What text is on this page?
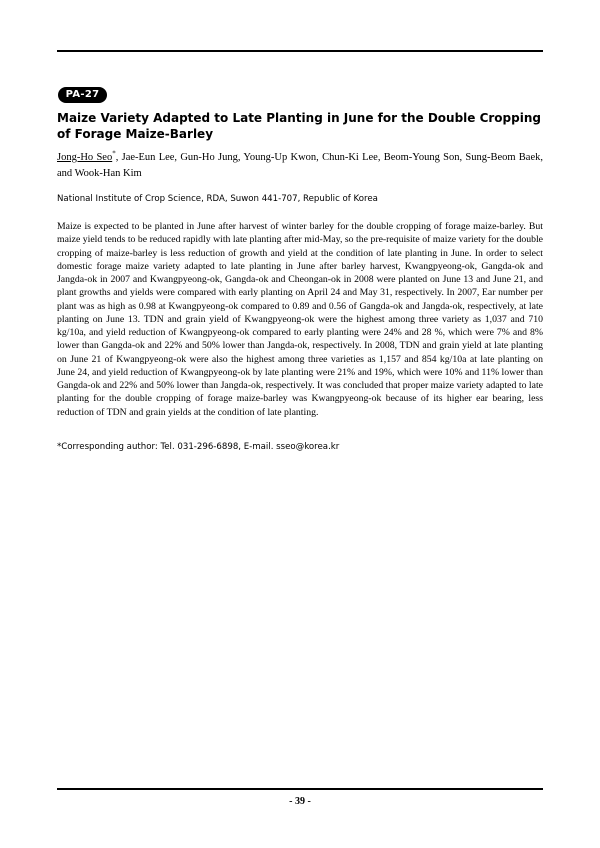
PA-27
Maize Variety Adapted to Late Planting in June for the Double Cropping of Forage Maize-Barley
Jong-Ho Seo*, Jae-Eun Lee, Gun-Ho Jung, Young-Up Kwon, Chun-Ki Lee, Beom-Young Son, Sung-Beom Baek, and Wook-Han Kim
National Institute of Crop Science, RDA, Suwon 441-707, Republic of Korea

Maize is expected to be planted in June after harvest of winter barley for the double cropping of forage maize-barley. But maize yield tends to be reduced rapidly with late planting after mid-May, so the pre-requisite of maize variety for the double cropping of maize-barley is less reduction of growth and yield at the condition of late planting in June. In order to select domestic forage maize variety adapted to late planting in June after barley harvest, Kwangpyeong-ok, Gangda-ok and Jangda-ok in 2007 and Kwangpyeong-ok, Gangda-ok and Cheongan-ok in 2008 were planted on June 13 and June 21, and plant growths and yields were compared with early planting on April 24 and May 31, respectively. In 2007, Ear number per plant was as high as 0.98 at Kwangpyeong-ok compared to 0.89 and 0.56 of Gangda-ok and Jangda-ok, respectively, at late planting on June 13. TDN and grain yield of Kwangpyeong-ok were the highest among three variety as 1,037 and 710 kg/10a, and yield reduction of Kwangpyeong-ok compared to early planting were 24% and 28 %, which were 7% and 8% lower than Gangda-ok and 22% and 50% lower than Jangda-ok, respectively. In 2008, TDN and grain yield at late planting on June 21 of Kwangpyeong-ok were also the highest among three varieties as 1,157 and 854 kg/10a at late planting on June 24, and yield reduction of Kwangpyeong-ok by late planting were 21% and 19%, which were 10% and 11% lower than Gangda-ok and 22% and 50% lower than Jangda-ok, respectively. It was concluded that proper maize variety adapted to late planting for the double cropping of forage maize-barley was Kwangpyeong-ok because of its higher ear bearing, less reduction of TDN and grain yields at the condition of late planting.

*Corresponding author: Tel. 031-296-6898, E-mail. sseo@korea.kr
- 39 -
